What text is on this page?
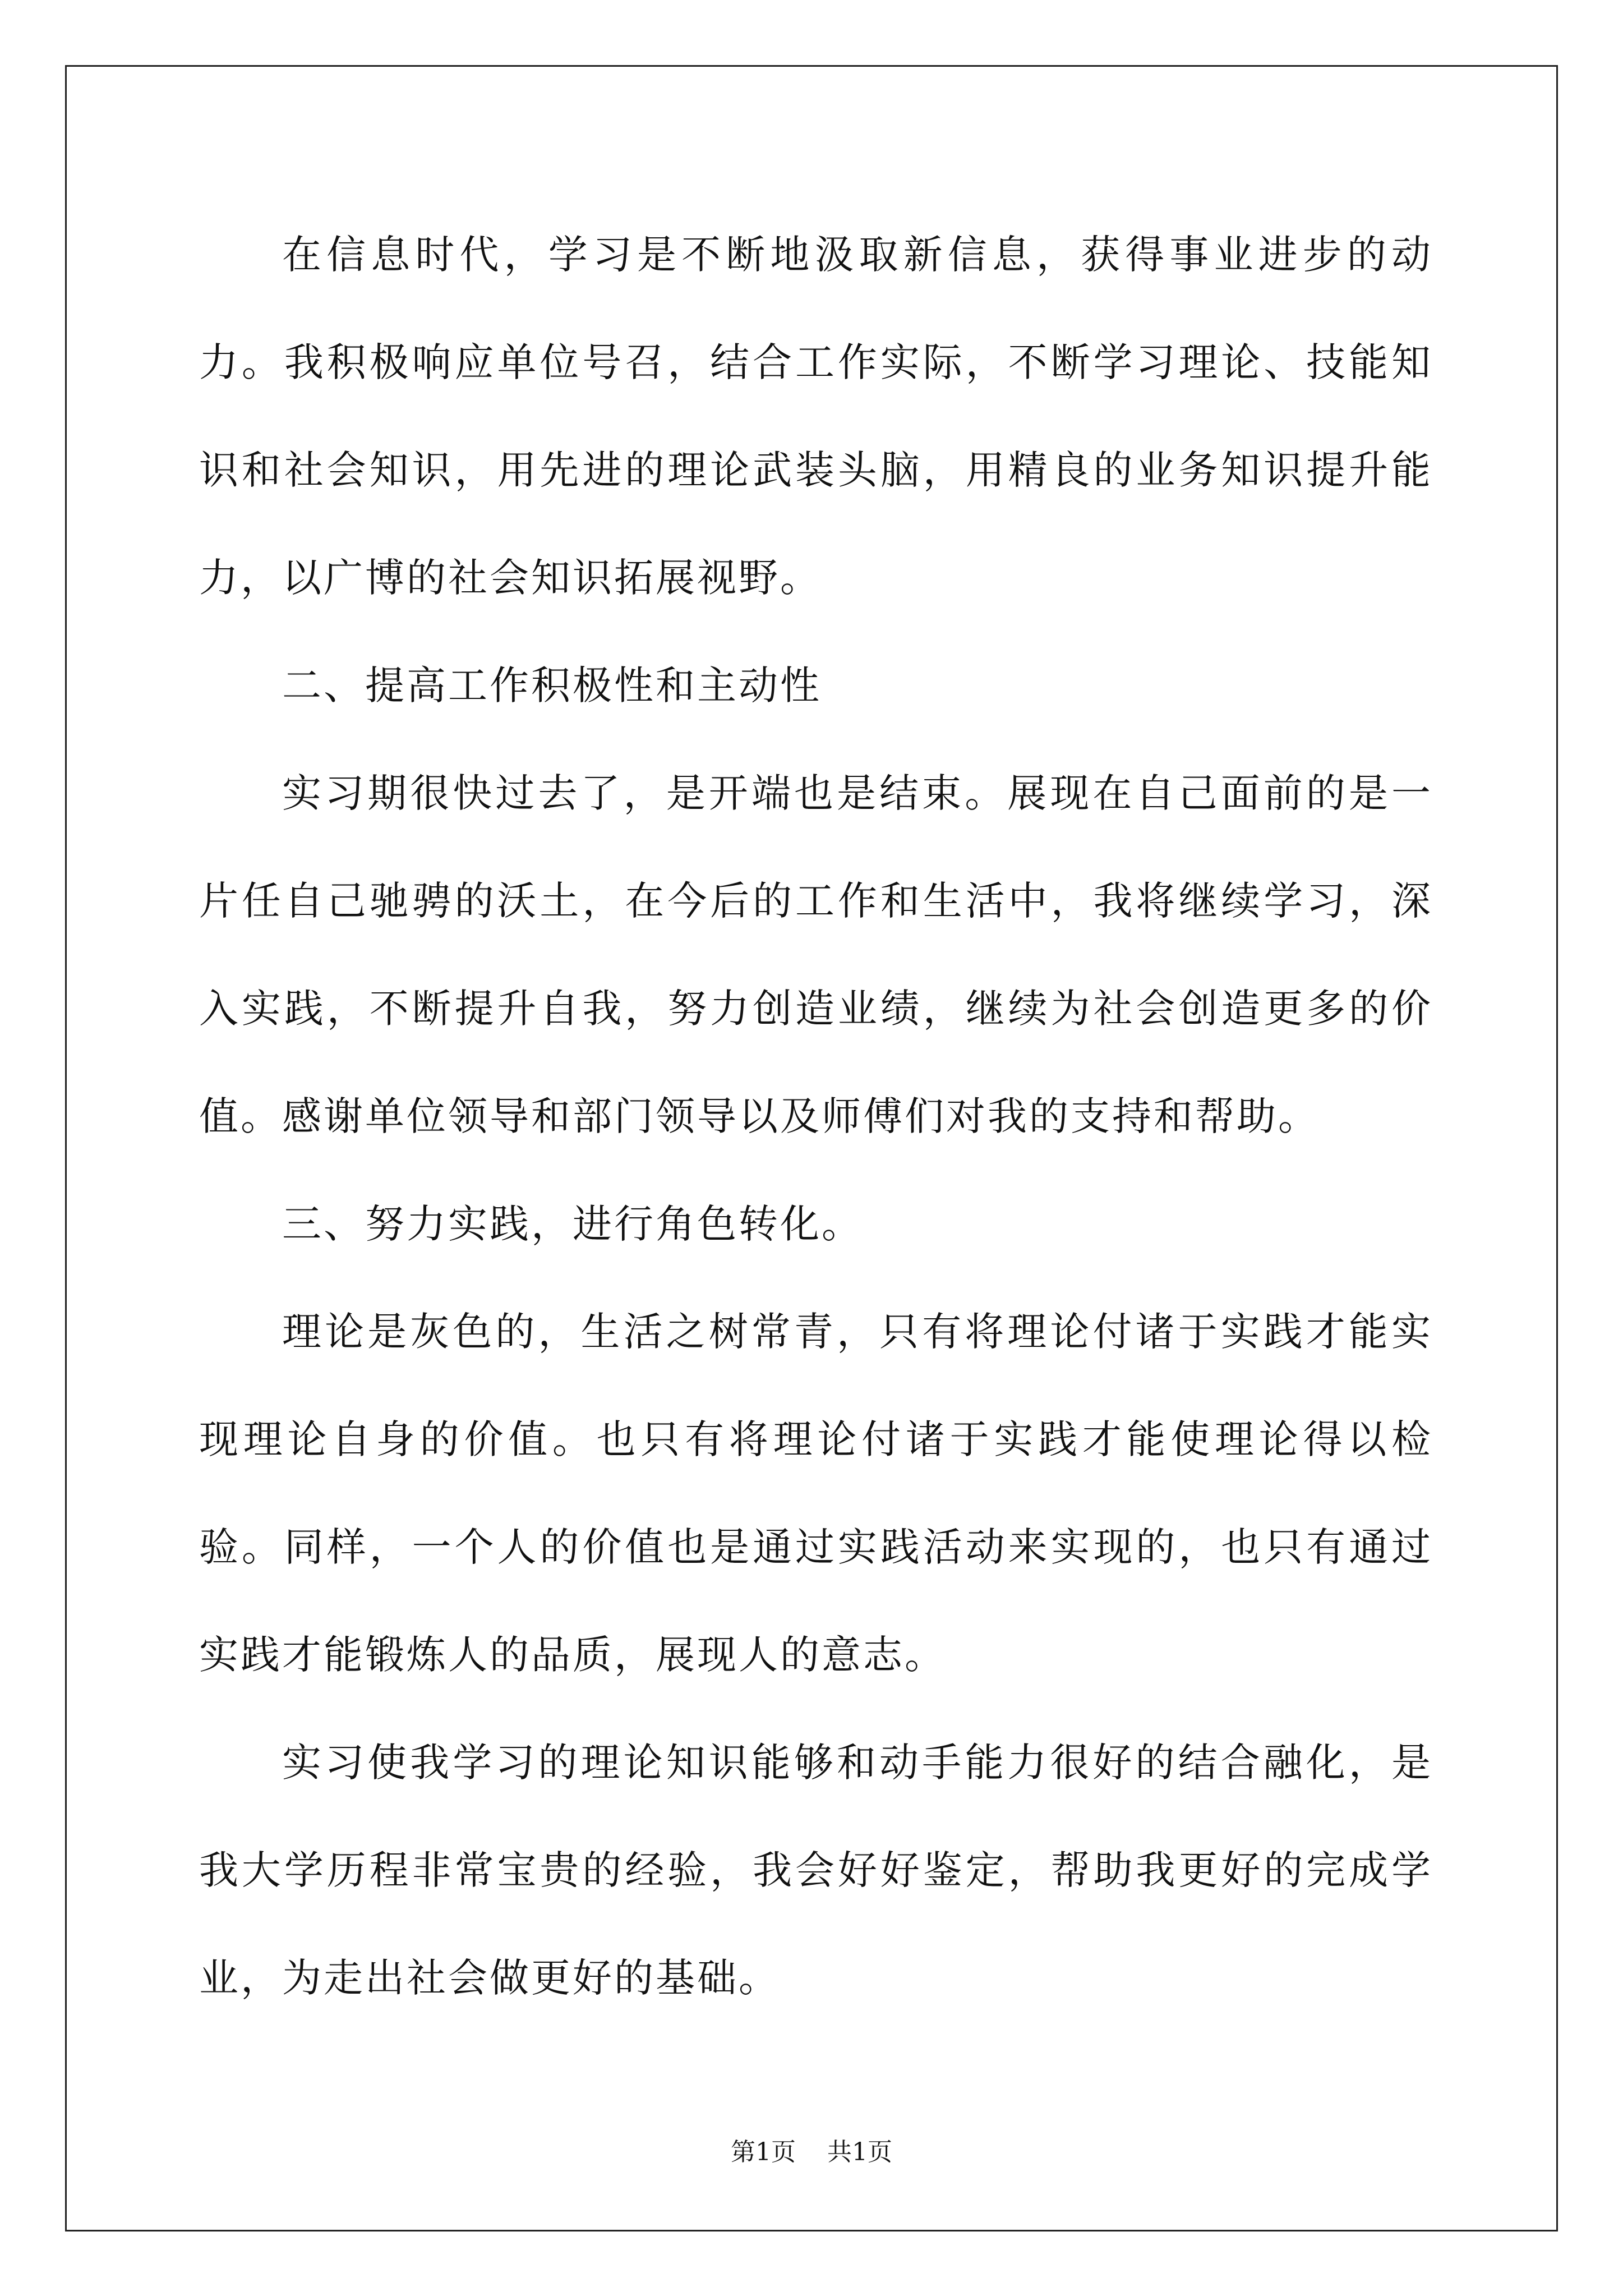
在信息时代，学习是不断地汲取新信息，获得事业进步的动力。我积极响应单位号召，结合工作实际，不断学习理论、技能知识和社会知识，用先进的理论武装头脑，用精良的业务知识提升能力，以广博的社会知识拓展视野。

二、提高工作积极性和主动性

实习期很快过去了，是开端也是结束。展现在自己面前的是一片任自己驰骋的沃土，在今后的工作和生活中，我将继续学习，深入实践，不断提升自我，努力创造业绩，继续为社会创造更多的价值。感谢单位领导和部门领导以及师傅们对我的支持和帮助。

三、努力实践，进行角色转化。

理论是灰色的，生活之树常青，只有将理论付诸于实践才能实现理论自身的价值。也只有将理论付诸于实践才能使理论得以检验。同样，一个人的价值也是通过实践活动来实现的，也只有通过实践才能锻炼人的品质，展现人的意志。

实习使我学习的理论知识能够和动手能力很好的结合融化，是我大学历程非常宝贵的经验，我会好好鉴定，帮助我更好的完成学业，为走出社会做更好的基础。

第1页 共1页
